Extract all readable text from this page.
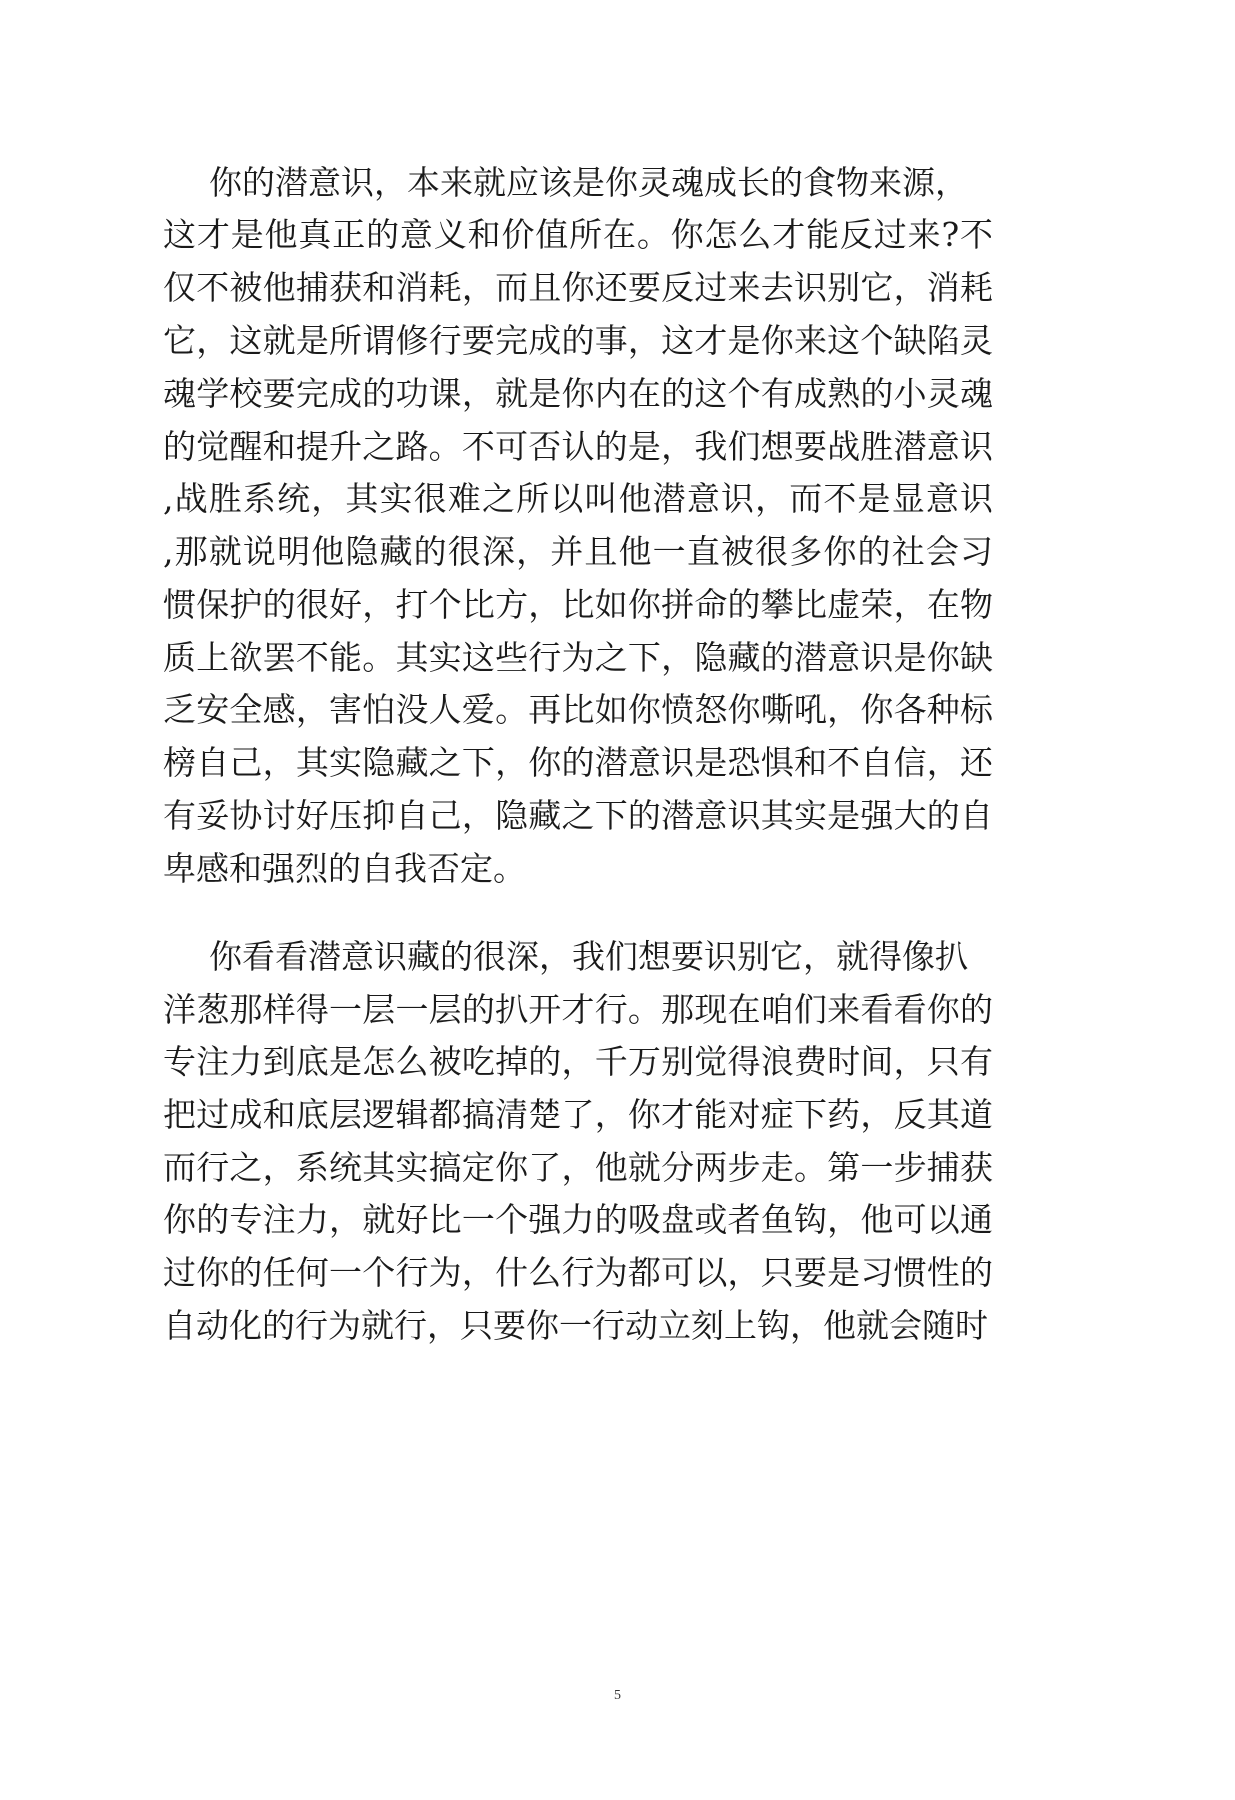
你的潜意识，本来就应该是你灵魂成长的食物来源，
这才是他真正的意义和价值所在。你怎么才能反过来?不
仅不被他捕获和消耗，而且你还要反过来去识别它，消耗
它，这就是所谓修行要完成的事，这才是你来这个缺陷灵
魂学校要完成的功课，就是你内在的这个有成熟的小灵魂
的觉醒和提升之路。不可否认的是，我们想要战胜潜意识
,战胜系统，其实很难之所以叫他潜意识，而不是显意识
,那就说明他隐藏的很深，并且他一直被很多你的社会习
惯保护的很好，打个比方，比如你拼命的攀比虚荣，在物
质上欲罢不能。其实这些行为之下，隐藏的潜意识是你缺
乏安全感，害怕没人爱。再比如你愤怒你嘶吼，你各种标
榜自己，其实隐藏之下，你的潜意识是恐惧和不自信，还
有妥协讨好压抑自己，隐藏之下的潜意识其实是强大的自
卑感和强烈的自我否定。
你看看潜意识藏的很深，我们想要识别它，就得像扒
洋葱那样得一层一层的扒开才行。那现在咱们来看看你的
专注力到底是怎么被吃掉的，千万别觉得浪费时间，只有
把过成和底层逻辑都搞清楚了，你才能对症下药，反其道
而行之，系统其实搞定你了，他就分两步走。第一步捕获
你的专注力，就好比一个强力的吸盘或者鱼钩，他可以通
过你的任何一个行为，什么行为都可以，只要是习惯性的
自动化的行为就行，只要你一行动立刻上钩，他就会随时
5
